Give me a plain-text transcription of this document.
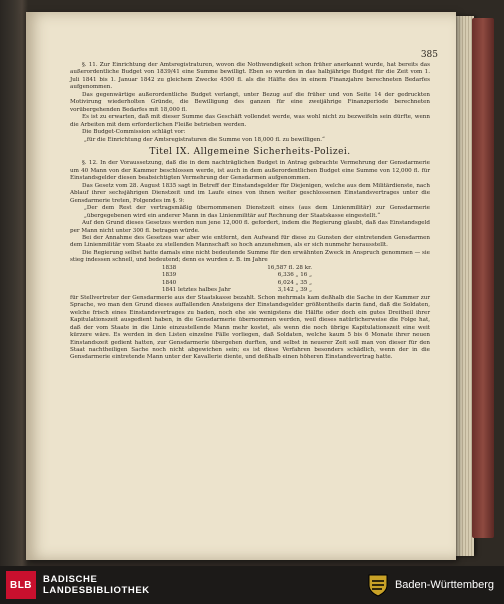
385

§. 11. Zur Einrichtung der Amtsregistraturen, wovon die Nothwendigkeit schon früher anerkannt wurde, hat bereits das außerordentliche Budget von 1839/41 eine Summe bewilligt. Eben so wurden in das halbjährige Budget für die Zeit vom 1. Juli 1841 bis 1. Januar 1842 zu gleichem Zwecke 4500 fl. als die Hälfte des in einem Finanzjahre berechneten Bedarfes aufgenommen.

Das gegenwärtige außerordentliche Budget verlangt, unter Bezug auf die früher und von Seite 14 der gedruckten Motivirung wiederholten Gründe, die Bewilligung des ganzen für eine zweijährige Finanzperiode berechneten vorübergehenden Bedarfes mit 18,000 fl.

Es ist zu erwarten, daß mit dieser Summe das Geschäft vollendet werde, was wohl nicht zu bezweifeln sein dürfte, wenn die Arbeiten mit dem erforderlichen Fleiße betrieben werden.

Die Budget-Commission schlägt vor:

„für die Einrichtung der Amtsregistraturen die Summe von 18,000 fl. zu bewilligen.“

Titel IX. Allgemeine Sicherheits-Polizei.

§. 12. In der Voraussetzung, daß die in dem nachträglichen Budget in Antrag gebrachte Vermehrung der Gensdarmerie um 40 Mann von der Kammer beschlossen werde, ist auch in dem außerordentlichen Budget eine Summe von 12,000 fl. für Einstandsgelder diesen beabsichtigten Vermehrung der Gensdarmen aufgenommen.

Das Gesetz vom 28. August 1835 sagt in Betreff der Einstandsgelder für Diejenigen, welche aus dem Militärdienste, nach Ablauf ihrer sechsjährigen Dienstzeit und im Laufe eines von ihnen weiter geschlossenen Einstandsvertrages unter die Gensdarmerie treten, Folgendes im §. 9:

„Der dem Rest der vertragsmäßig übernommenen Dienstzeit eines (aus dem Linienmilitär) zur Gensdarmerie „übergegebenen wird ein anderer Mann in das Linienmilitär auf Rechnung der Staatskasse eingestellt.“

Auf den Grund dieses Gesetzes werden nun jene 12,000 fl. gefordert, indem die Regierung glaubt, daß das Einstandsgeld per Mann nicht unter 300 fl. betragen würde.

Bei der Annahme des Gesetzes war aber wie entfernt, den Aufwand für diese zu Gunsten der eintretenden Gensdarmen dem Linienmilitär vom Staate zu stellenden Mannschaft so hoch anzunehmen, als er sich nunmehr herausstellt.

Die Regierung selbst hatte damals eine nicht bedeutende Summe für den erwähnten Zweck in Anspruch genommen — sie stieg indessen schnell, und bedeutend; denn es wurden z. B. im Jahre

1838	16,587 fl. 28 kr.
1839	6,336 „ 16 „
1840	6,024 „ 35 „
1841 letztes halbes Jahr	3,142 „ 39 „

für Stellvertreter der Gensdarmerie aus der Staatskasse bezahlt. Schon mehrmals kam deßhalb die Sache in der Kammer zur Sprache, wo man den Grund dieses auffallenden Ansteigens der Einstandsgelder größtentheils darin fand, daß die Soldaten, welche frisch eines Einstandsvertrages zu baden, noch ehe sie wenigstens die Hälfte oder doch ein gutes Dreitheil ihrer Kapitulationszeit ausgedient haben, in die Gensdarmerie übernommen werden, weil dieses natürlicherweise die Folge hat, daß der vom Staate in die Linie einzustellende Mann mehr kostet, als wenn die noch übrige Kapitulationszeit eine weit kürzere wäre. Es werden in den Listen einzelne Fälle vorliegen, daß Soldaten, welche kaum 5 bis 6 Monate ihrer neuen Einstandszeit gedient hatten, zur Gensdarmerie übergehen durften, und selbst in neuerer Zeit soll man von dieser für den Staat nachtheiligen Sache noch nicht abgewichen sein; es ist diese Verfahren besonders schädlich, wenn der in die Gensdarmerie eintretende Mann unter der Kavallerie diente, und deßhalb einen höheren Einstandsvertrag hatte.

BLB	BADISCHE
LANDESBIBLIOTHEK	Baden-Württemberg
